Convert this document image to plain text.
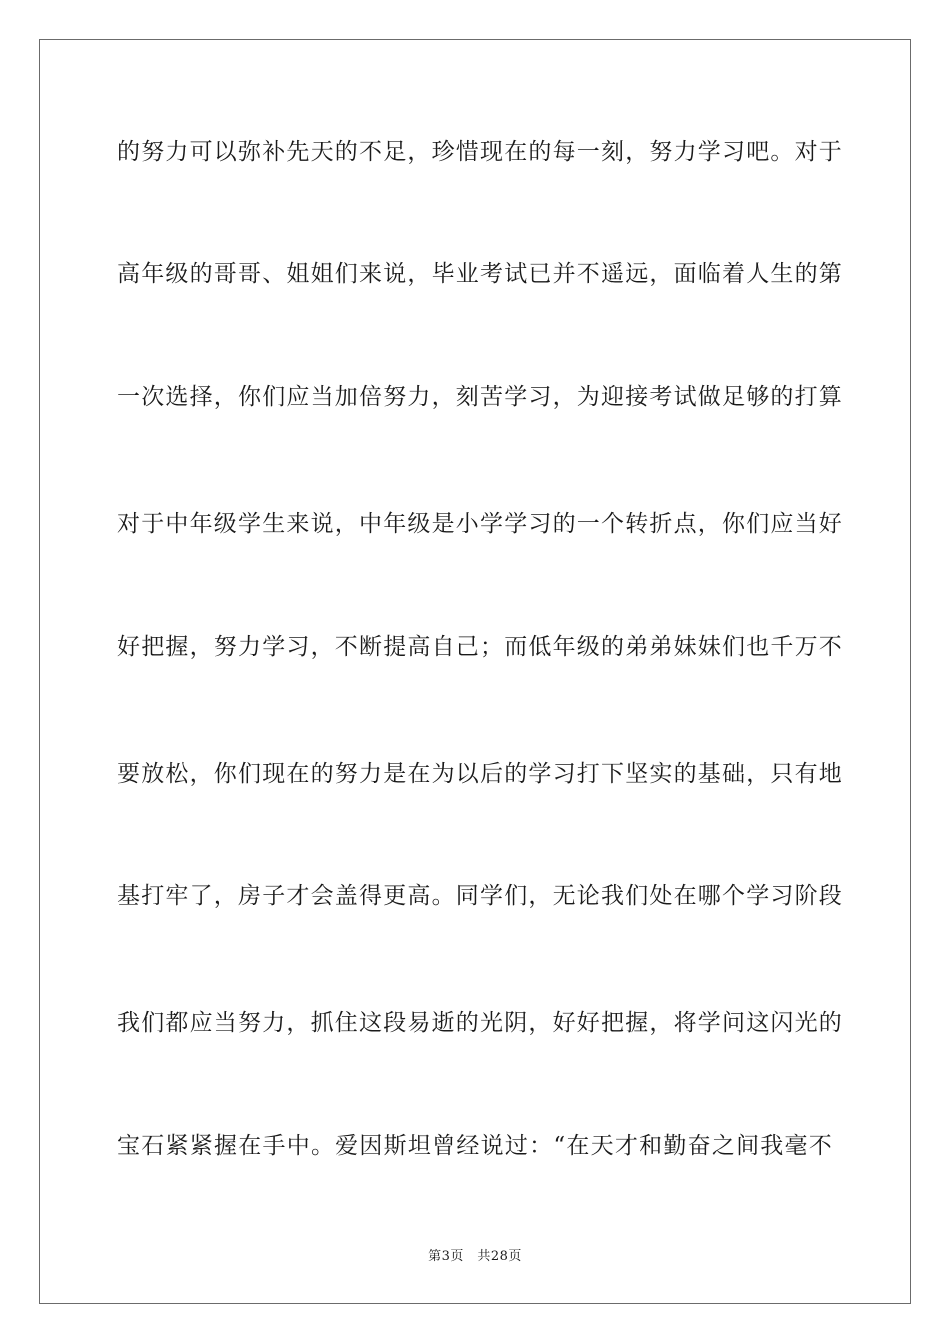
的努力可以弥补先天的不足，珍惜现在的每一刻，努力学习吧。对于
高年级的哥哥、姐姐们来说，毕业考试已并不遥远，面临着人生的第
一次选择，你们应当加倍努力，刻苦学习，为迎接考试做足够的打算
对于中年级学生来说，中年级是小学学习的一个转折点，你们应当好
好把握，努力学习，不断提高自己；而低年级的弟弟妹妹们也千万不
要放松，你们现在的努力是在为以后的学习打下坚实的基础，只有地
基打牢了，房子才会盖得更高。同学们，无论我们处在哪个学习阶段
我们都应当努力，抓住这段易逝的光阴，好好把握，将学问这闪光的
宝石紧紧握在手中。爱因斯坦曾经说过：“在天才和勤奋之间我毫不
第3页　共28页
